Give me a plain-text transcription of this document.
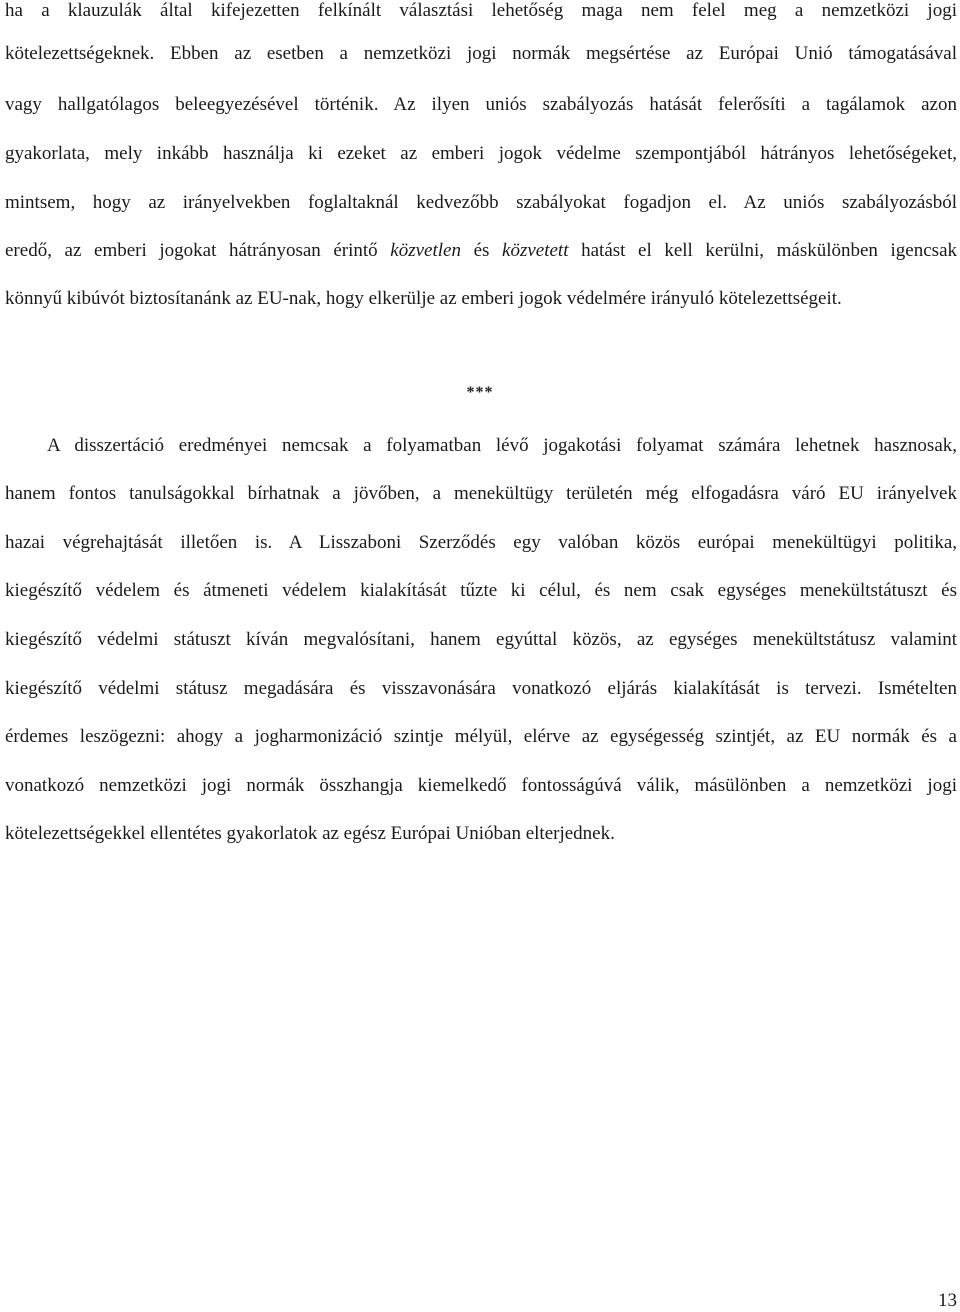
ha a klauzulák által kifejezetten felkínált választási lehetőség maga nem felel meg a nemzetközi jogi
kötelezettségeknek. Ebben az esetben a nemzetközi jogi normák megsértése az Európai Unió támogatásával
vagy hallgatólagos beleegyezésével történik. Az ilyen uniós szabályozás hatását felerősíti a tagálamok azon
gyakorlata, mely inkább használja ki ezeket az emberi jogok védelme szempontjából hátrányos lehetőségeket,
mintsem, hogy az irányelvekben foglaltaknál kedvezőbb szabályokat fogadjon el. Az uniós szabályozásból
eredő, az emberi jogokat hátrányosan érintő közvetlen és közvetett hatást el kell kerülni, máskülönben igencsak
könnyű kibúvót biztosítanánk az EU-nak, hogy elkerülje az emberi jogok védelmére irányuló kötelezettségeit.
***
A disszertáció eredményei nemcsak a folyamatban lévő jogakotási folyamat számára lehetnek hasznosak,
hanem fontos tanulságokkal bírhatnak a jövőben, a menekültügy területén még elfogadásra váró EU irányelvek
hazai végrehajtását illetően is. A Lisszaboni Szerződés egy valóban közös európai menekültügyi politika,
kiegészítő védelem és átmeneti védelem kialakítását tűzte ki célul, és nem csak egységes menekültstátuszt és
kiegészítő védelmi státuszt kíván megvalósítani, hanem egyúttal közös, az egységes menekültstátusz valamint
kiegészítő védelmi státusz megadására és visszavonására vonatkozó eljárás kialakítását is tervezi. Ismételten
érdemes leszögezni: ahogy a jogharmonizáció szintje mélyül, elérve az egységesség szintjét, az EU normák és a
vonatkozó nemzetközi jogi normák összhangja kiemelkedő fontosságúvá válik, másülönben a nemzetközi jogi
kötelezettségekkel ellentétes gyakorlatok az egész Európai Unióban elterjednek.
13
